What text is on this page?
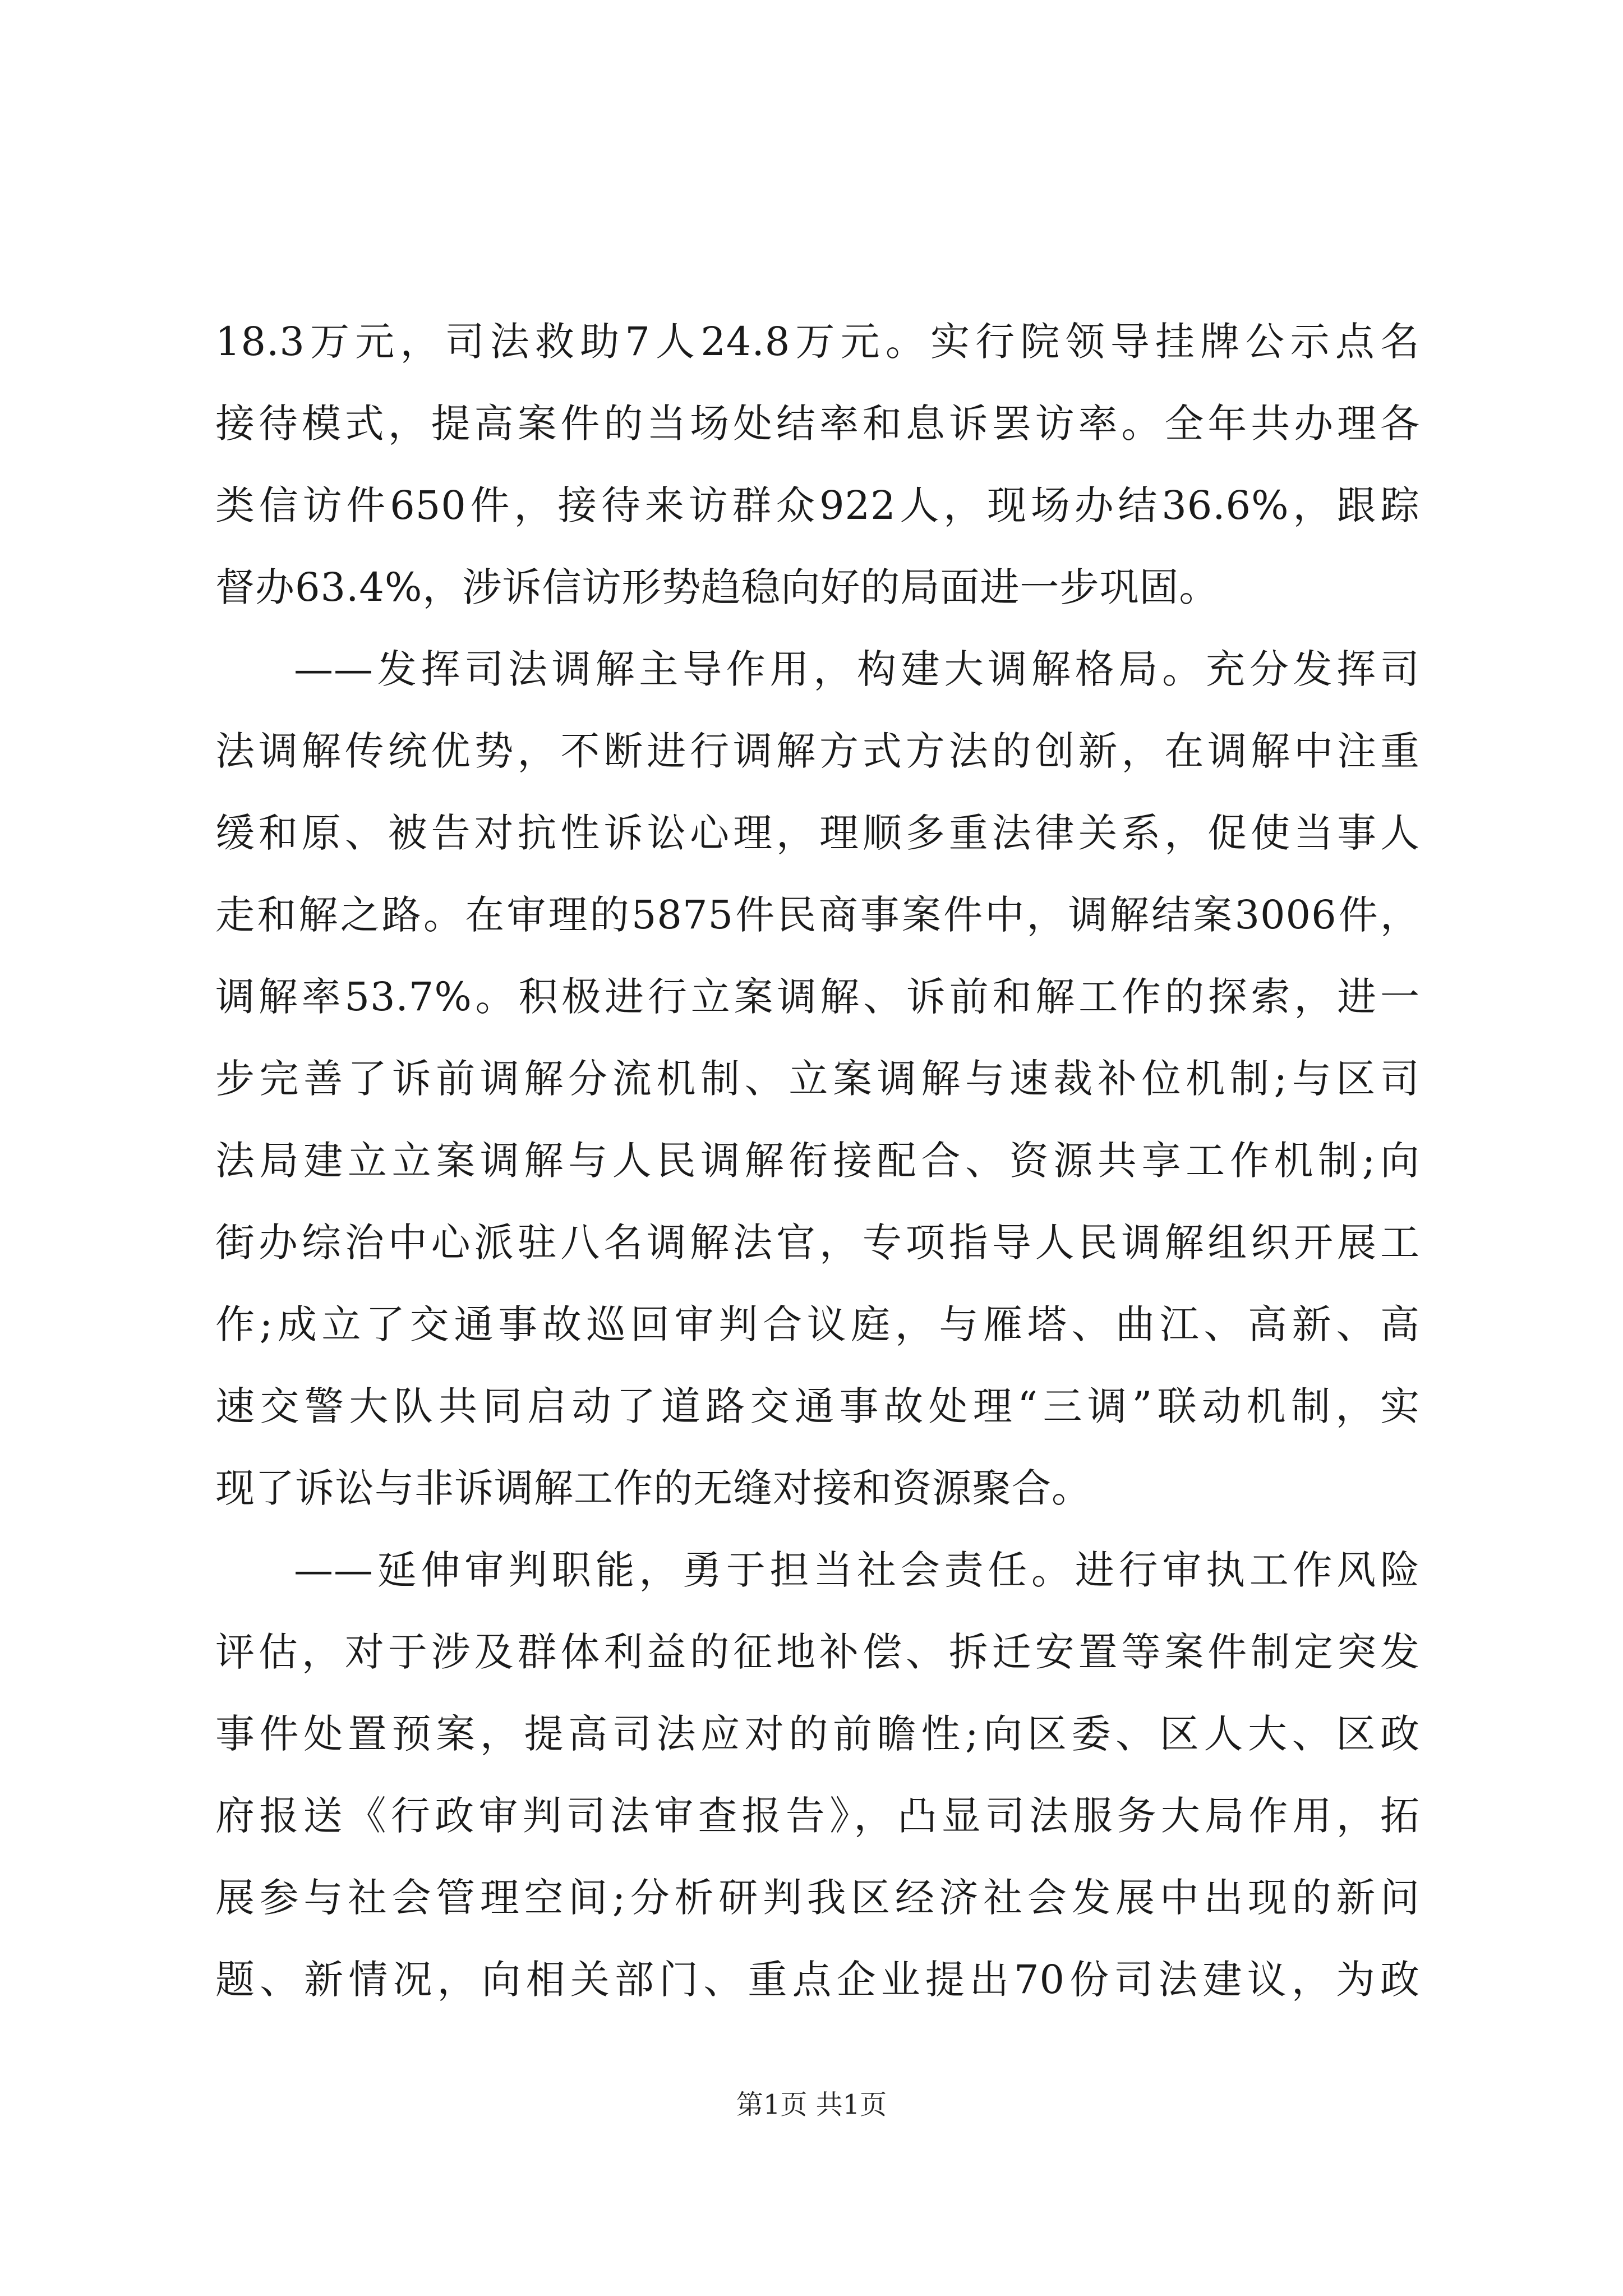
18.3万元，司法救助7人24.8万元。实行院领导挂牌公示点名
接待模式，提高案件的当场处结率和息诉罢访率。全年共办理各
类信访件650件，接待来访群众922人，现场办结36.6%，跟踪
督办63.4%，涉诉信访形势趋稳向好的局面进一步巩固。
——发挥司法调解主导作用，构建大调解格局。充分发挥司
法调解传统优势，不断进行调解方式方法的创新，在调解中注重
缓和原、被告对抗性诉讼心理，理顺多重法律关系，促使当事人
走和解之路。在审理的5875件民商事案件中，调解结案3006件，
调解率53.7%。积极进行立案调解、诉前和解工作的探索，进一
步完善了诉前调解分流机制、立案调解与速裁补位机制;与区司
法局建立立案调解与人民调解衔接配合、资源共享工作机制;向
街办综治中心派驻八名调解法官，专项指导人民调解组织开展工
作;成立了交通事故巡回审判合议庭，与雁塔、曲江、高新、高
速交警大队共同启动了道路交通事故处理“三调”联动机制，实
现了诉讼与非诉调解工作的无缝对接和资源聚合。
——延伸审判职能，勇于担当社会责任。进行审执工作风险
评估，对于涉及群体利益的征地补偿、拆迁安置等案件制定突发
事件处置预案，提高司法应对的前瞻性;向区委、区人大、区政
府报送《行政审判司法审查报告》，凸显司法服务大局作用，拓
展参与社会管理空间;分析研判我区经济社会发展中出现的新问
题、新情况，向相关部门、重点企业提出70份司法建议，为政
第1页 共1页
